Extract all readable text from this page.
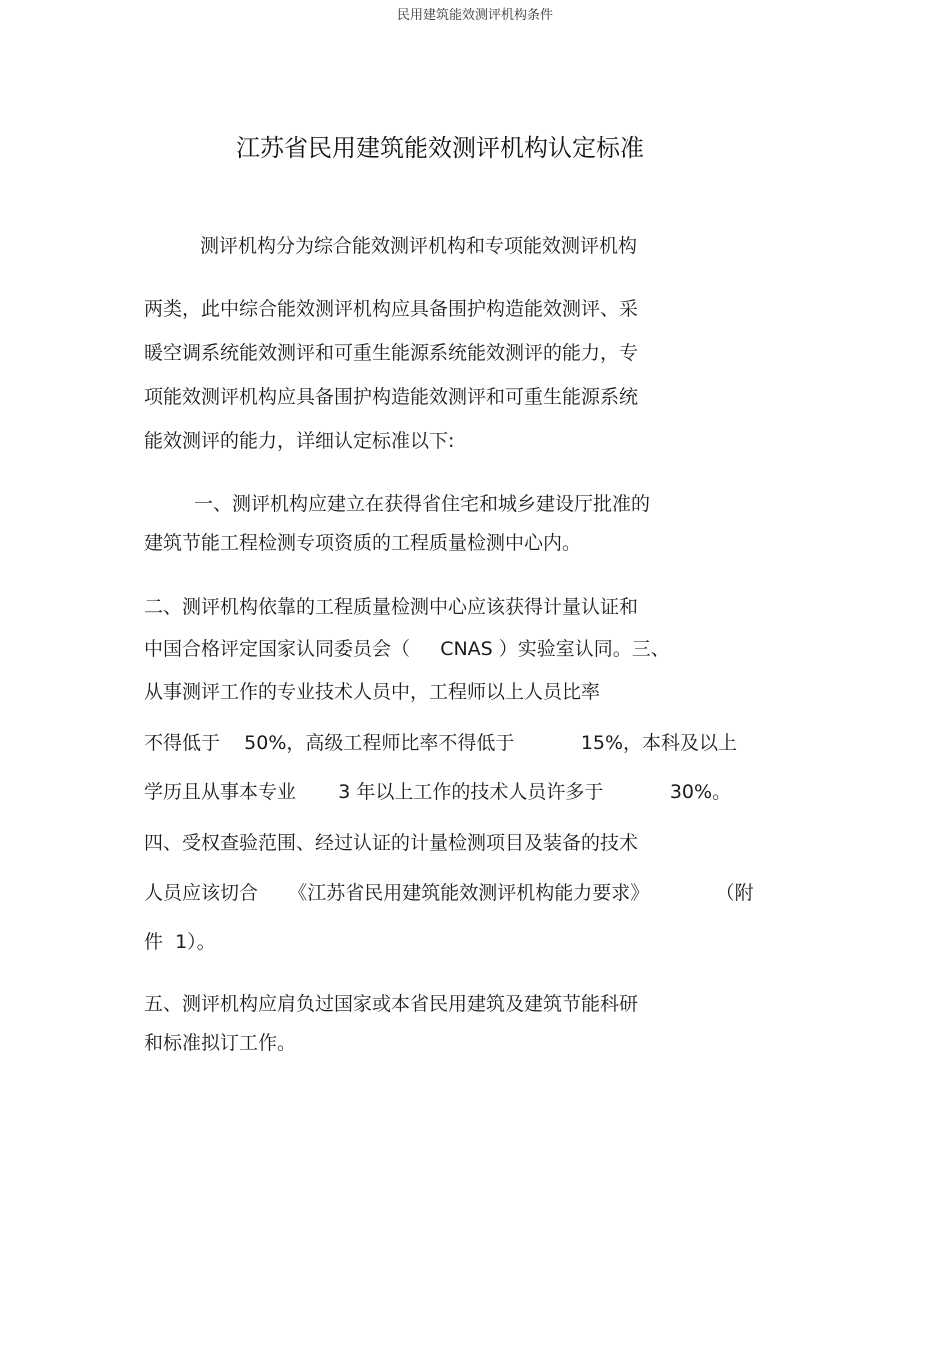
民用建筑能效测评机构条件
江苏省民用建筑能效测评机构认定标准
测评机构分为综合能效测评机构和专项能效测评机构
两类，此中综合能效测评机构应具备围护构造能效测评、采
暖空调系统能效测评和可重生能源系统能效测评的能力，专
项能效测评机构应具备围护构造能效测评和可重生能源系统
能效测评的能力，详细认定标准以下:
一、测评机构应建立在获得省住宅和城乡建设厅批准的
建筑节能工程检测专项资质的工程质量检测中心内。
二、测评机构依靠的工程质量检测中心应该获得计量认证和
中国合格评定国家认同委员会（     CNAS ）实验室认同。三、
从事测评工作的专业技术人员中，工程师以上人员比率
不得低于    50%，高级工程师比率不得低于           15%，本科及以上
学历且从事本专业       3 年以上工作的技术人员许多于           30%。
四、受权查验范围、经过认证的计量检测项目及装备的技术
人员应该切合     《江苏省民用建筑能效测评机构能力要求》           （附
件  1）。
五、测评机构应肩负过国家或本省民用建筑及建筑节能科研
和标准拟订工作。
